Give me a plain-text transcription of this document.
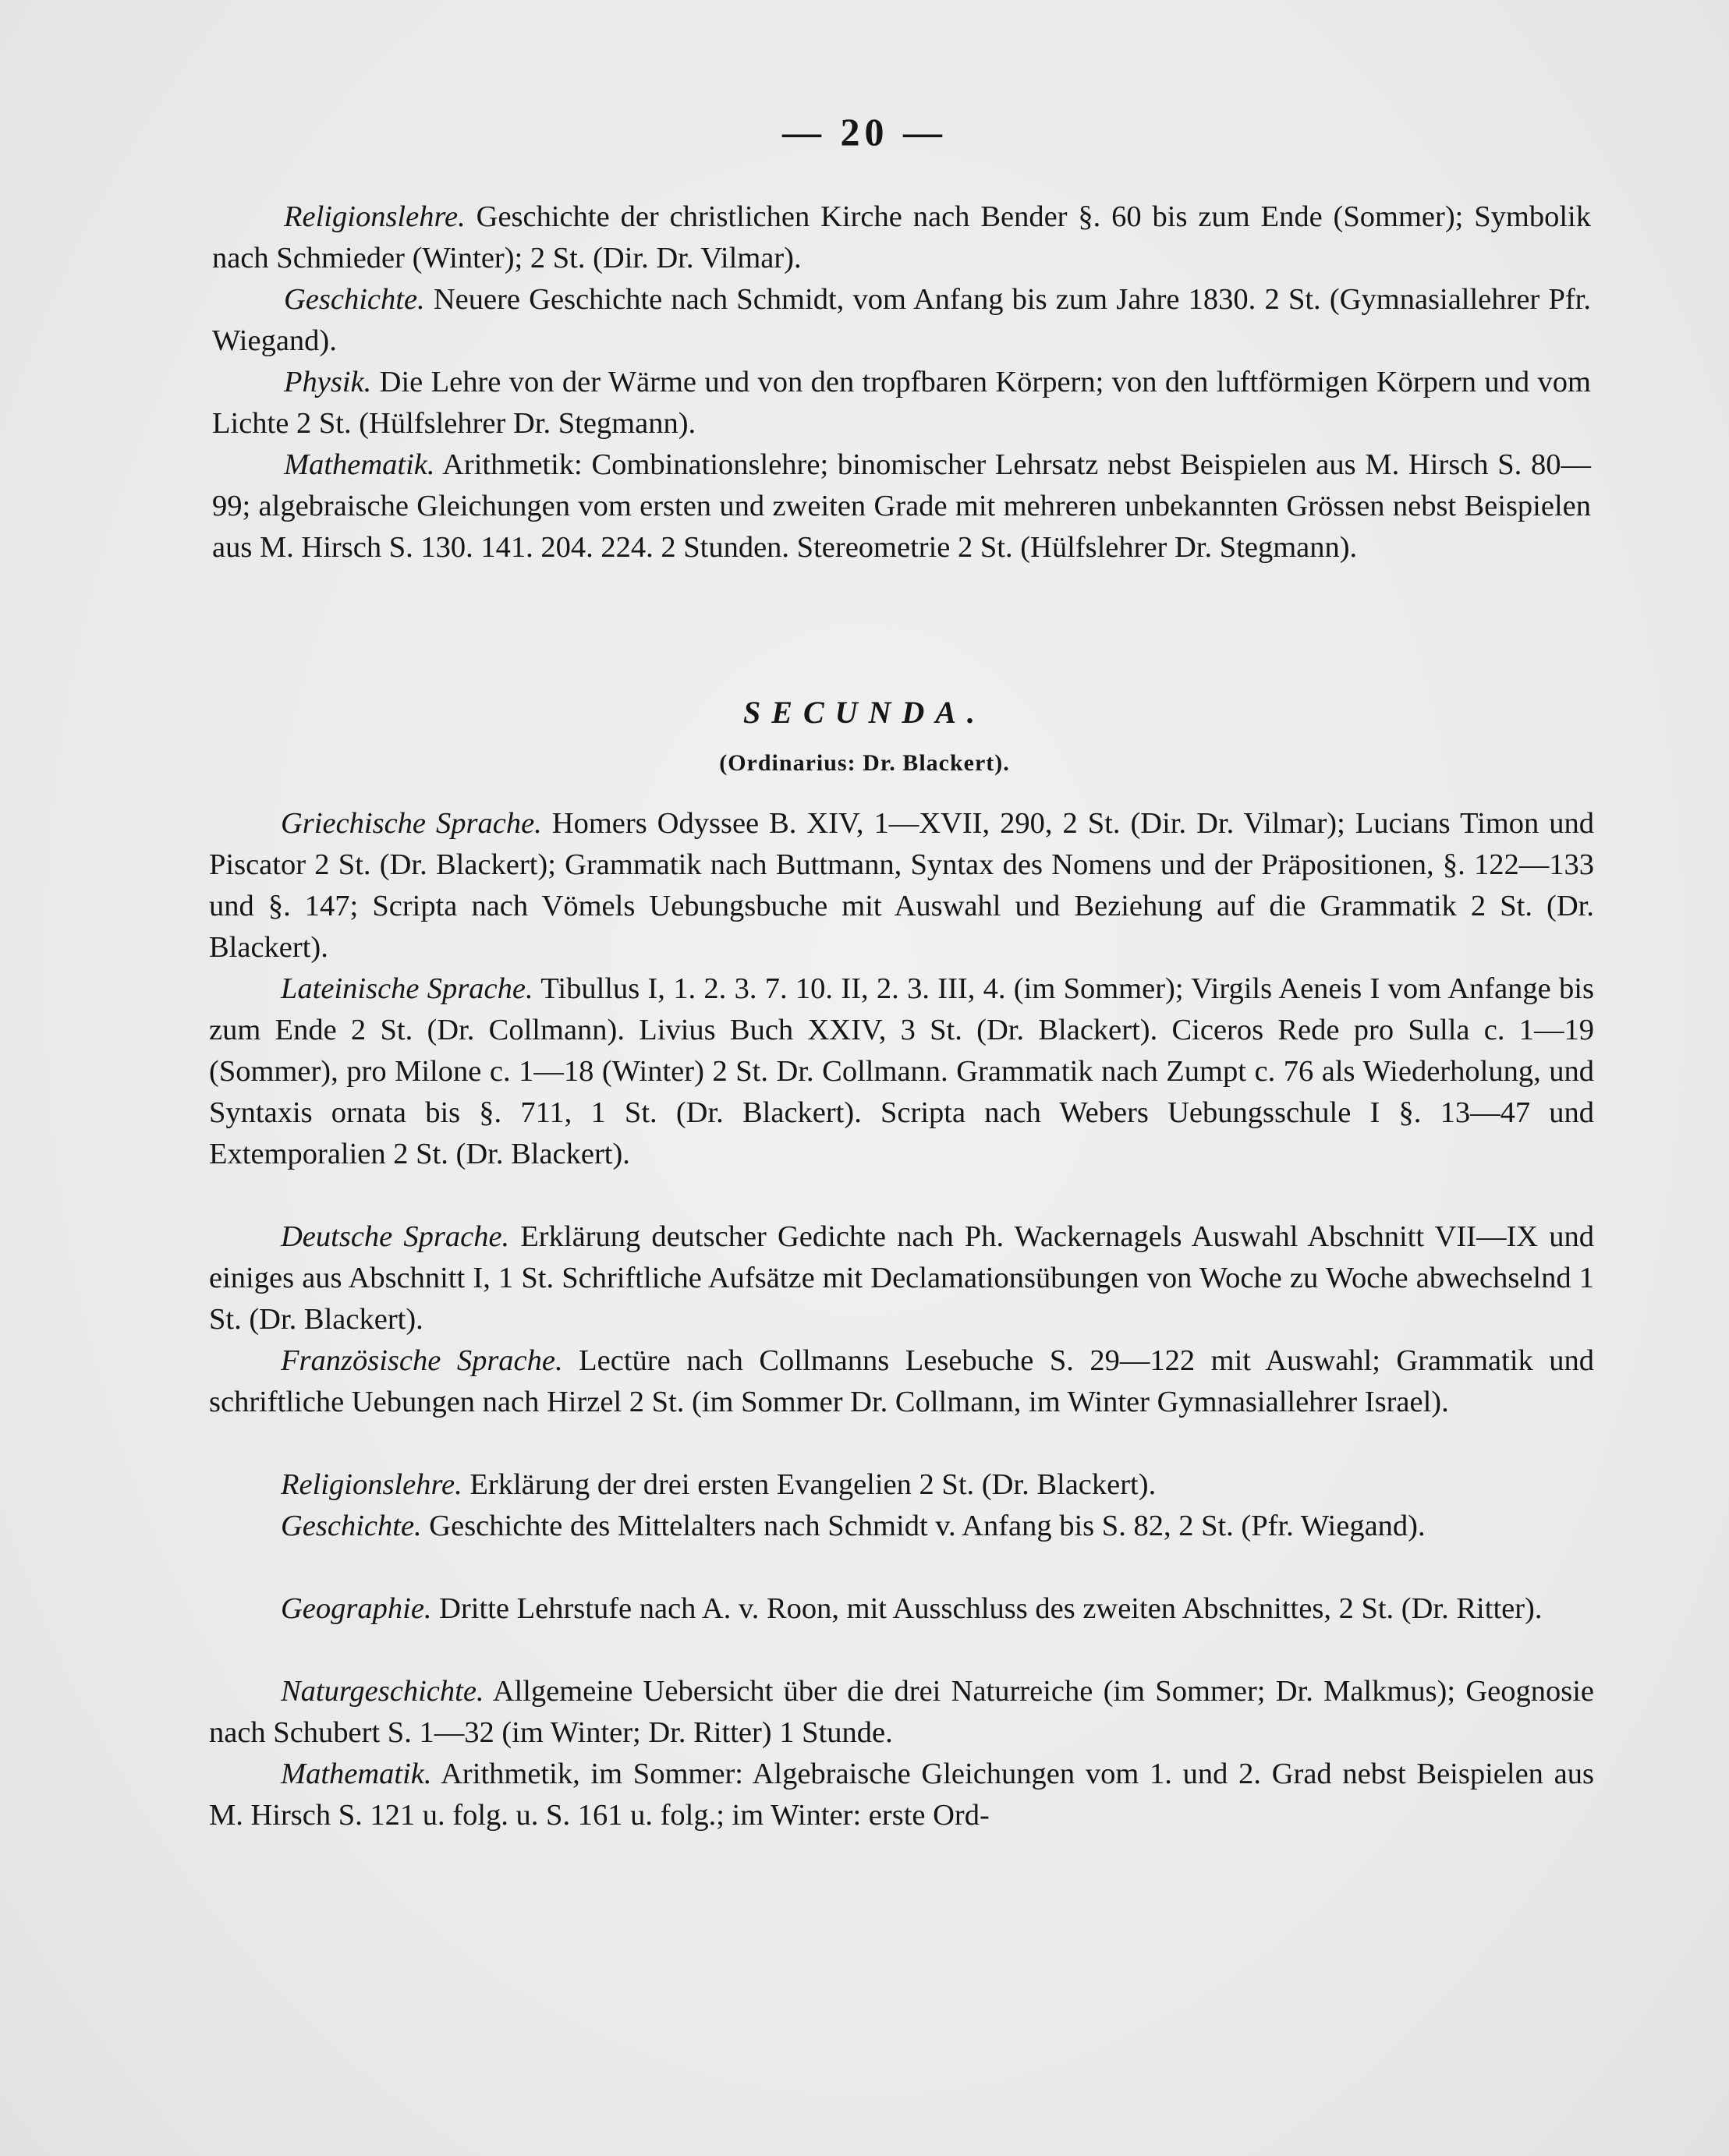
— 20 —

Religionslehre. Geschichte der christlichen Kirche nach Bender §. 60 bis zum Ende (Sommer); Symbolik nach Schmieder (Winter); 2 St. (Dir. Dr. Vilmar).

Geschichte. Neuere Geschichte nach Schmidt, vom Anfang bis zum Jahre 1830. 2 St. (Gymnasiallehrer Pfr. Wiegand).

Physik. Die Lehre von der Wärme und von den tropfbaren Körpern; von den luftförmigen Körpern und vom Lichte 2 St. (Hülfslehrer Dr. Stegmann).

Mathematik. Arithmetik: Combinationslehre; binomischer Lehrsatz nebst Beispielen aus M. Hirsch S. 80—99; algebraische Gleichungen vom ersten und zweiten Grade mit mehreren unbekannten Grössen nebst Beispielen aus M. Hirsch S. 130. 141. 204. 224. 2 Stunden. Stereometrie 2 St. (Hülfslehrer Dr. Stegmann).

SECUNDA.
(Ordinarius: Dr. Blackert).

Griechische Sprache. Homers Odyssee B. XIV, 1—XVII, 290, 2 St. (Dir. Dr. Vilmar); Lucians Timon und Piscator 2 St. (Dr. Blackert); Grammatik nach Buttmann, Syntax des Nomens und der Präpositionen, §. 122—133 und §. 147; Scripta nach Vömels Uebungsbuche mit Auswahl und Beziehung auf die Grammatik 2 St. (Dr. Blackert).

Lateinische Sprache. Tibullus I, 1. 2. 3. 7. 10. II, 2. 3. III, 4. (im Sommer); Virgils Aeneis I vom Anfange bis zum Ende 2 St. (Dr. Collmann). Livius Buch XXIV, 3 St. (Dr. Blackert). Ciceros Rede pro Sulla c. 1—19 (Sommer), pro Milone c. 1—18 (Winter) 2 St. Dr. Collmann. Grammatik nach Zumpt c. 76 als Wiederholung, und Syntaxis ornata bis §. 711, 1 St. (Dr. Blackert). Scripta nach Webers Uebungsschule I §. 13—47 und Extemporalien 2 St. (Dr. Blackert).

Deutsche Sprache. Erklärung deutscher Gedichte nach Ph. Wackernagels Auswahl Abschnitt VII—IX und einiges aus Abschnitt I, 1 St. Schriftliche Aufsätze mit Declamationsübungen von Woche zu Woche abwechselnd 1 St. (Dr. Blackert).

Französische Sprache. Lectüre nach Collmanns Lesebuche S. 29—122 mit Auswahl; Grammatik und schriftliche Uebungen nach Hirzel 2 St. (im Sommer Dr. Collmann, im Winter Gymnasiallehrer Israel).

Religionslehre. Erklärung der drei ersten Evangelien 2 St. (Dr. Blackert).

Geschichte. Geschichte des Mittelalters nach Schmidt v. Anfang bis S. 82, 2 St. (Pfr. Wiegand).

Geographie. Dritte Lehrstufe nach A. v. Roon, mit Ausschluss des zweiten Abschnittes, 2 St. (Dr. Ritter).

Naturgeschichte. Allgemeine Uebersicht über die drei Naturreiche (im Sommer; Dr. Malkmus); Geognosie nach Schubert S. 1—32 (im Winter; Dr. Ritter) 1 Stunde.

Mathematik. Arithmetik, im Sommer: Algebraische Gleichungen vom 1. und 2. Grad nebst Beispielen aus M. Hirsch S. 121 u. folg. u. S. 161 u. folg.; im Winter: erste Ord-
